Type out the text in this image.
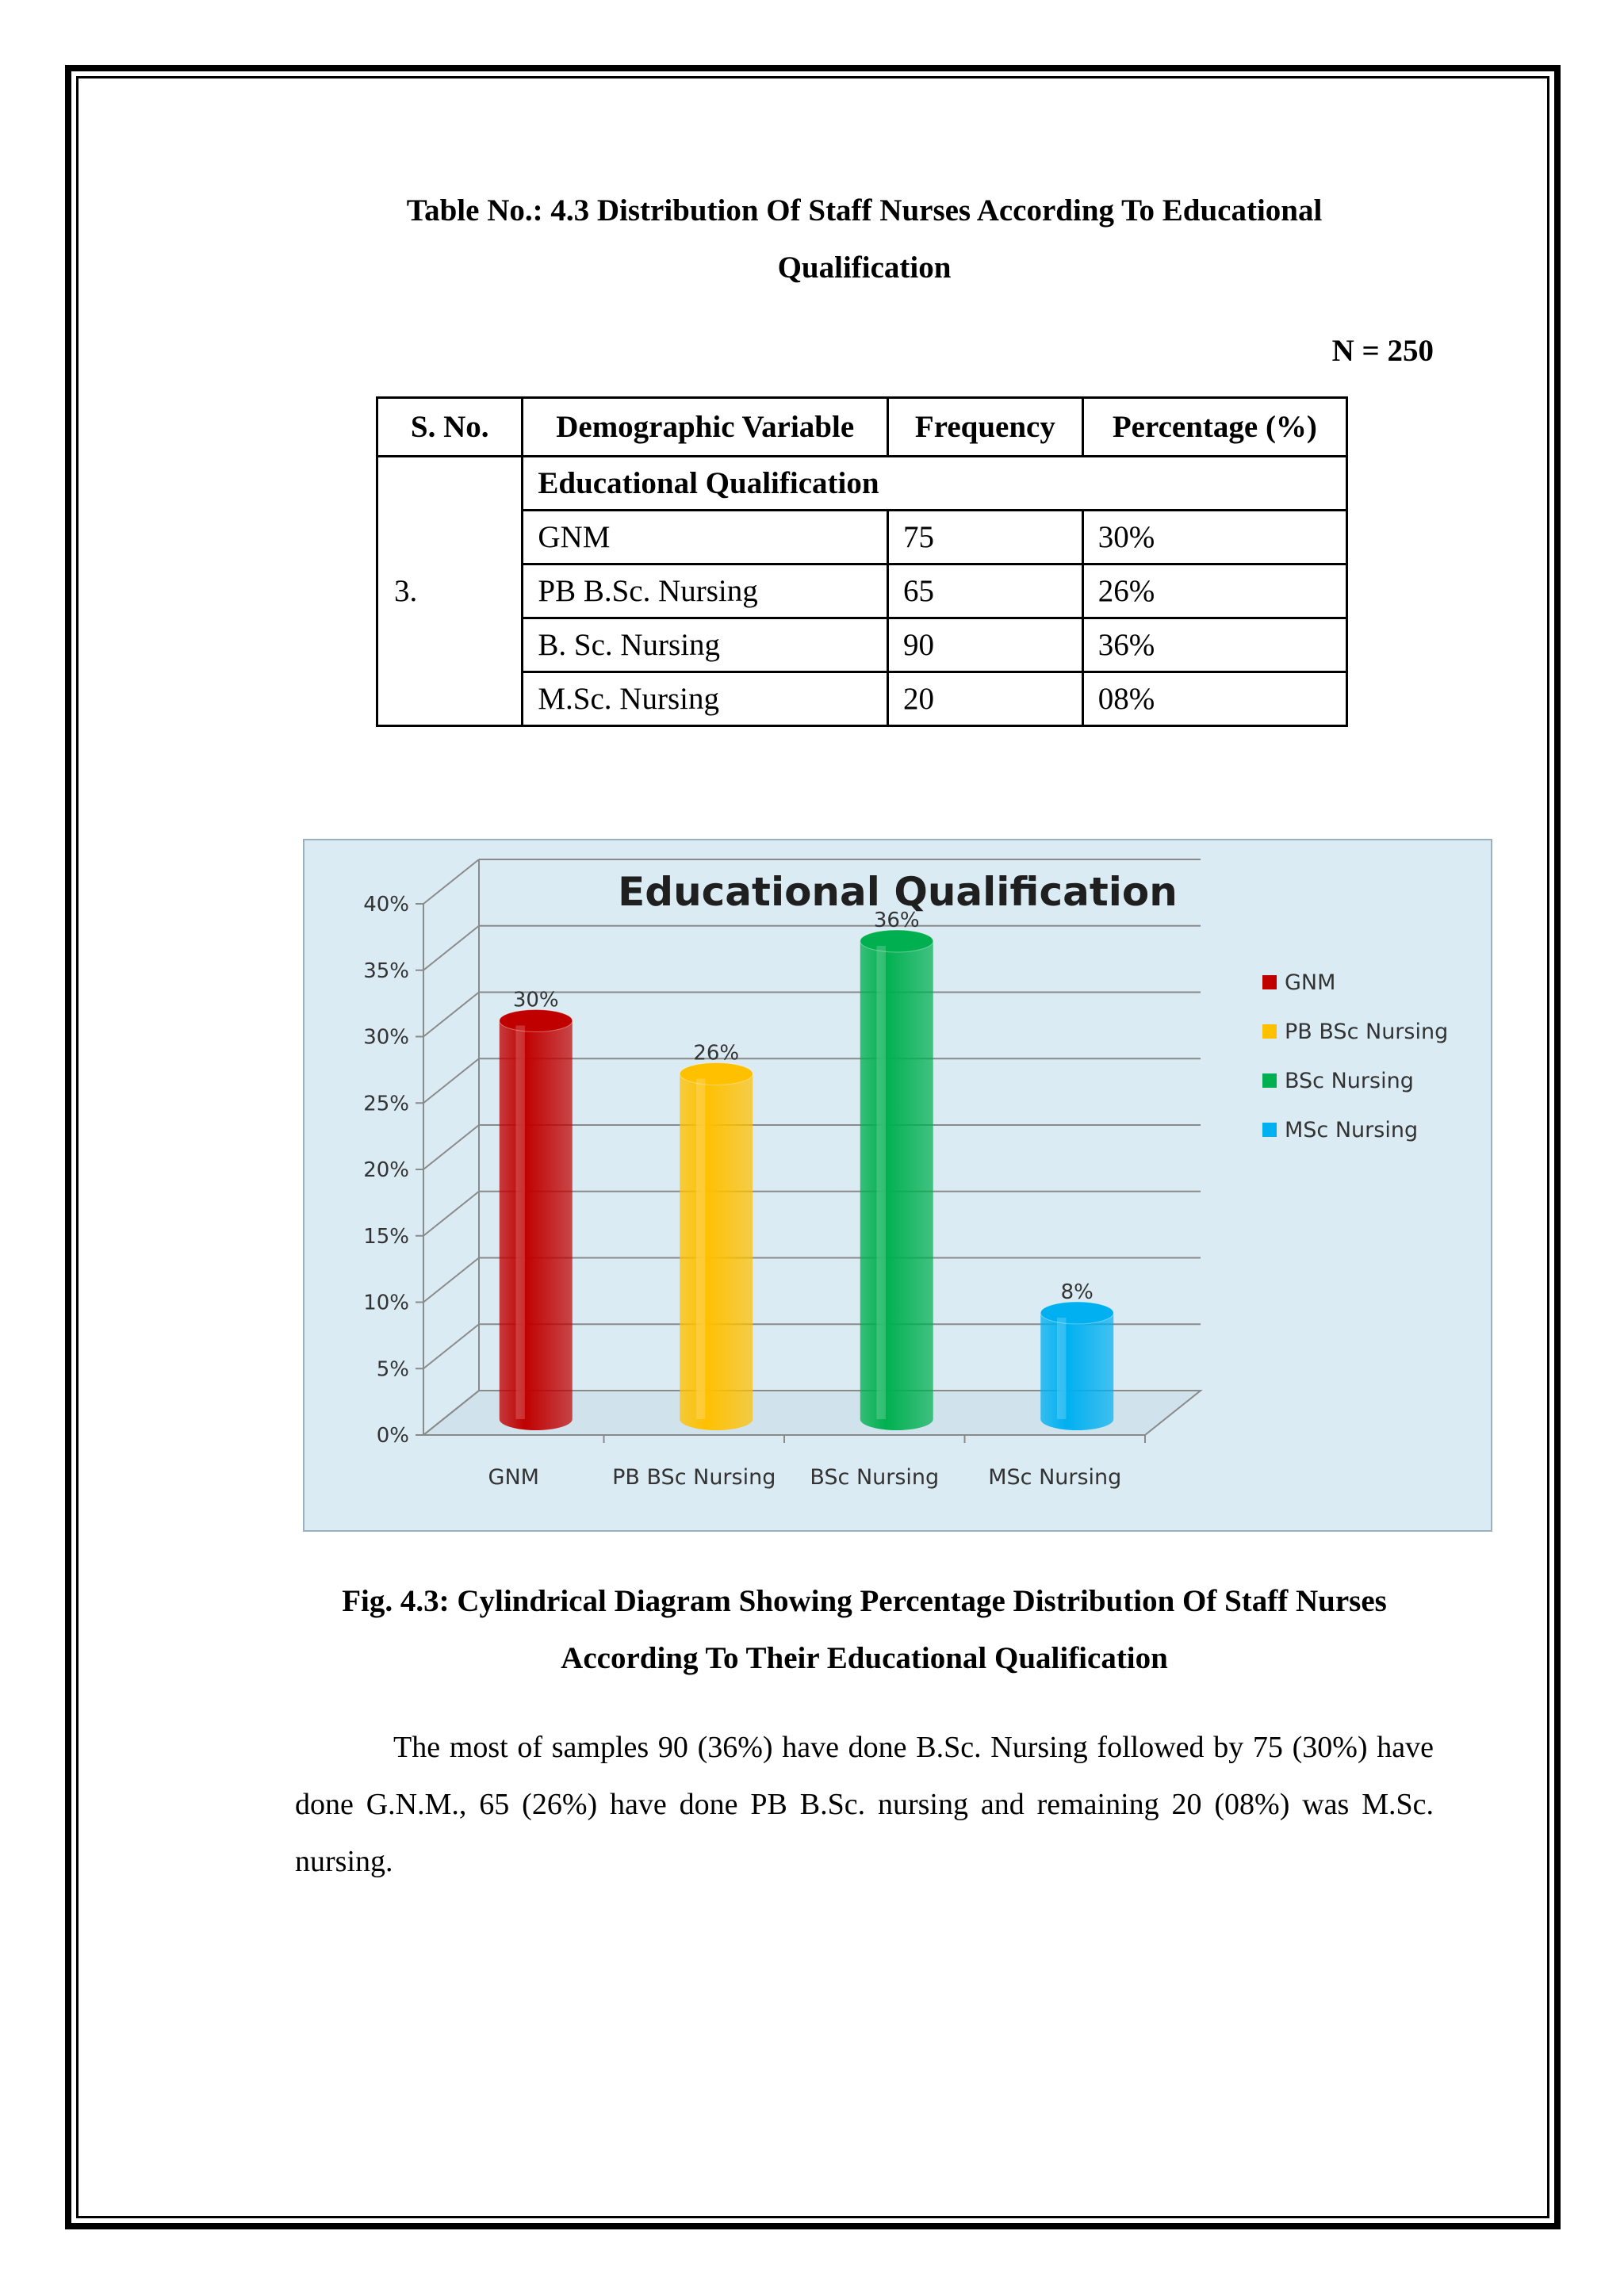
Table No.: 4.3 Distribution Of Staff Nurses According To Educational
Qualification
N = 250
S. No.	Demographic Variable	Frequency	Percentage (%)
3.	Educational Qualification		
	GNM	75	30%
	PB B.Sc. Nursing	65	26%
	B. Sc. Nursing	90	36%
	M.Sc. Nursing	20	08%
Educational Qualification
0%
5%
10%
15%
20%
25%
30%
35%
40%
GNM	PB BSc Nursing BSc Nursing MSc Nursing
30%
26%
36%
8%
GNM
PB BSc Nursing
BSc Nursing
MSc Nursing
Fig. 4.3: Cylindrical Diagram Showing Percentage Distribution Of Staff Nurses
According To Their Educational Qualification

The most of samples 90 (36%) have done B.Sc. Nursing followed by 75 (30%) have done G.N.M., 65 (26%) have done PB B.Sc. nursing and remaining 20 (08%) was M.Sc. nursing.
